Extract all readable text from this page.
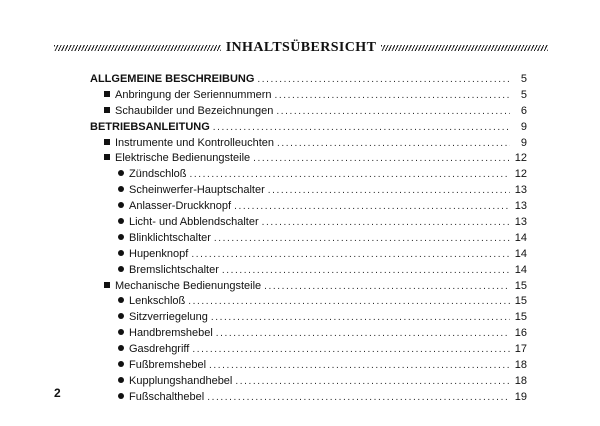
INHALTSÜBERSICHT
ALLGEMEINE BESCHREIBUNG .....	5
Anbringung der Seriennummern .....	5
Schaubilder und Bezeichnungen .....	6
BETRIEBSANLEITUNG .....	9
Instrumente und Kontrolleuchten .....	9
Elektrische Bedienungsteile .....	12
Zündschloß .....	12
Scheinwerfer-Hauptschalter .....	13
Anlasser-Druckknopf .....	13
Licht- und Abblendschalter .....	13
Blinklichtschalter .....	14
Hupenknopf .....	14
Bremslichtschalter .....	14
Mechanische Bedienungsteile .....	15
Lenkschloß .....	15
Sitzverriegelung .....	15
Handbremshebel .....	16
Gasdrehgriff .....	17
Fußbremshebel .....	18
Kupplungshandhebel .....	18
Fußschalthebel .....	19
2
